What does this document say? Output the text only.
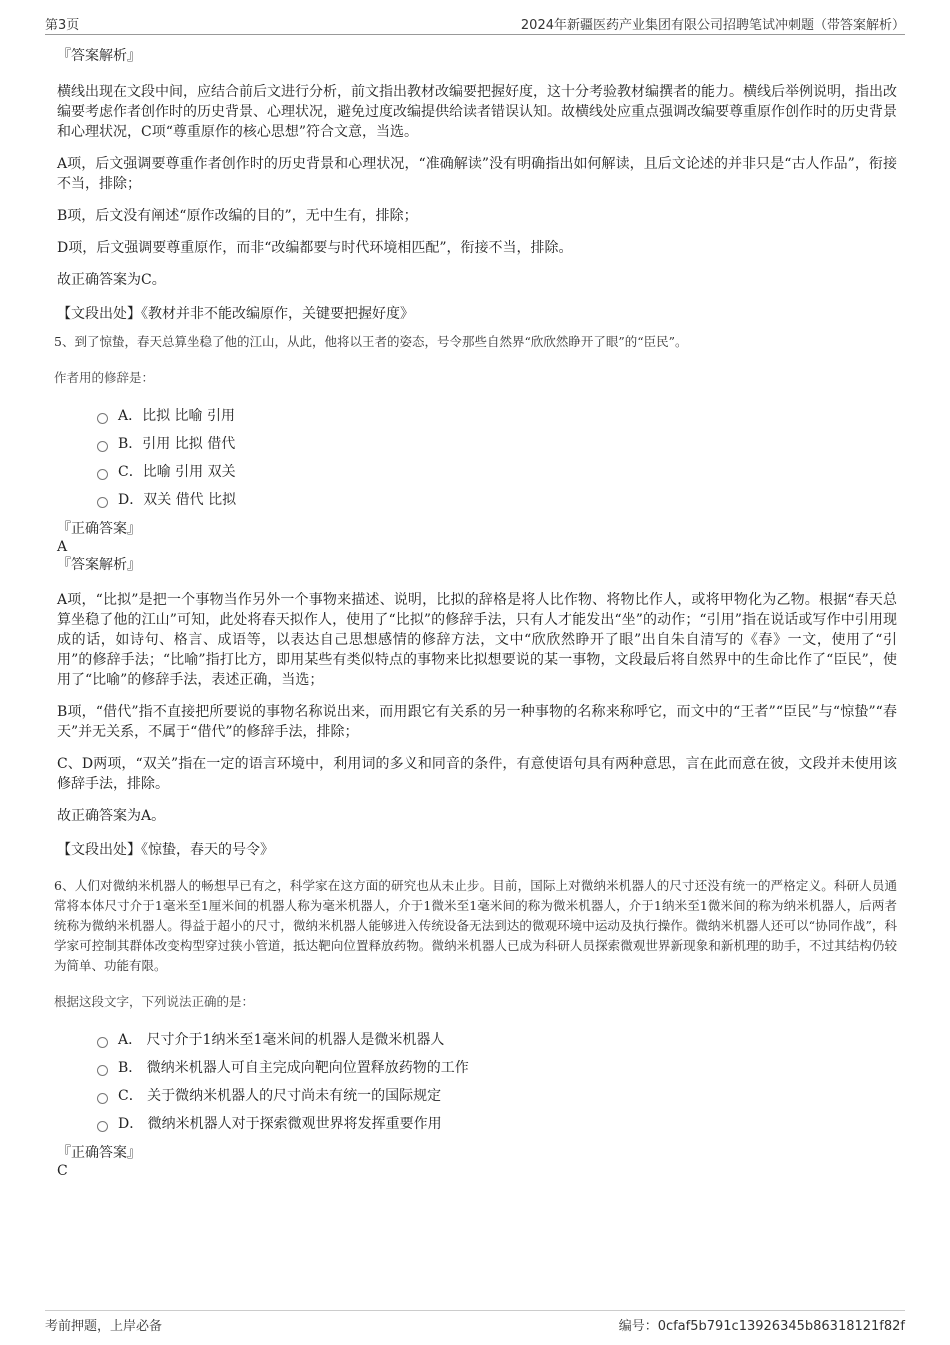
第3页	2024年新疆医药产业集团有限公司招聘笔试冲刺题（带答案解析）

『答案解析』

横线出现在文段中间，应结合前后文进行分析，前文指出教材改编要把握好度，这十分考验教材编撰者的能力。横线后举例说明，指出改编要考虑作者创作时的历史背景、心理状况，避免过度改编提供给读者错误认知。故横线处应重点强调改编要尊重原作创作时的历史背景和心理状况，C项“尊重原作的核心思想”符合文意，当选。

A项，后文强调要尊重作者创作时的历史背景和心理状况，“准确解读”没有明确指出如何解读，且后文论述的并非只是“古人作品”，衔接不当，排除；

B项，后文没有阐述“原作改编的目的”，无中生有，排除；

D项，后文强调要尊重原作，而非“改编都要与时代环境相匹配”，衔接不当，排除。

故正确答案为C。

【文段出处】《教材并非不能改编原作，关键要把握好度》

5、到了惊蛰，春天总算坐稳了他的江山，从此，他将以王者的姿态，号令那些自然界“欣欣然睁开了眼”的“臣民”。

作者用的修辞是：

A．比拟 比喻 引用
B．引用 比拟 借代
C．比喻 引用 双关
D．双关 借代 比拟

『正确答案』

A

『答案解析』

A项，“比拟”是把一个事物当作另外一个事物来描述、说明，比拟的辞格是将人比作物、将物比作人，或将甲物化为乙物。根据“春天总算坐稳了他的江山”可知，此处将春天拟作人，使用了“比拟”的修辞手法，只有人才能发出“坐”的动作；“引用”指在说话或写作中引用现成的话，如诗句、格言、成语等，以表达自己思想感情的修辞方法，文中“欣欣然睁开了眼”出自朱自清写的《春》一文，使用了“引用”的修辞手法；“比喻”指打比方，即用某些有类似特点的事物来比拟想要说的某一事物，文段最后将自然界中的生命比作了“臣民”，使用了“比喻”的修辞手法，表述正确，当选；

B项，“借代”指不直接把所要说的事物名称说出来，而用跟它有关系的另一种事物的名称来称呼它，而文中的“王者”“臣民”与“惊蛰”“春天”并无关系，不属于“借代”的修辞手法，排除；

C、D两项，“双关”指在一定的语言环境中，利用词的多义和同音的条件，有意使语句具有两种意思，言在此而意在彼，文段并未使用该修辞手法，排除。

故正确答案为A。

【文段出处】《惊蛰，春天的号令》

6、人们对微纳米机器人的畅想早已有之，科学家在这方面的研究也从未止步。目前，国际上对微纳米机器人的尺寸还没有统一的严格定义。科研人员通常将本体尺寸介于1毫米至1厘米间的机器人称为毫米机器人，介于1微米至1毫米间的称为微米机器人，介于1纳米至1微米间的称为纳米机器人，后两者统称为微纳米机器人。得益于超小的尺寸，微纳米机器人能够进入传统设备无法到达的微观环境中运动及执行操作。微纳米机器人还可以“协同作战”，科学家可控制其群体改变构型穿过狭小管道，抵达靶向位置释放药物。微纳米机器人已成为科研人员探索微观世界新现象和新机理的助手，不过其结构仍较为简单、功能有限。

根据这段文字，下列说法正确的是：

A． 尺寸介于1纳米至1毫米间的机器人是微米机器人
B． 微纳米机器人可自主完成向靶向位置释放药物的工作
C． 关于微纳米机器人的尺寸尚未有统一的国际规定
D． 微纳米机器人对于探索微观世界将发挥重要作用

『正确答案』

C

考前押题，上岸必备	编号：0cfaf5b791c13926345b86318121f82f
